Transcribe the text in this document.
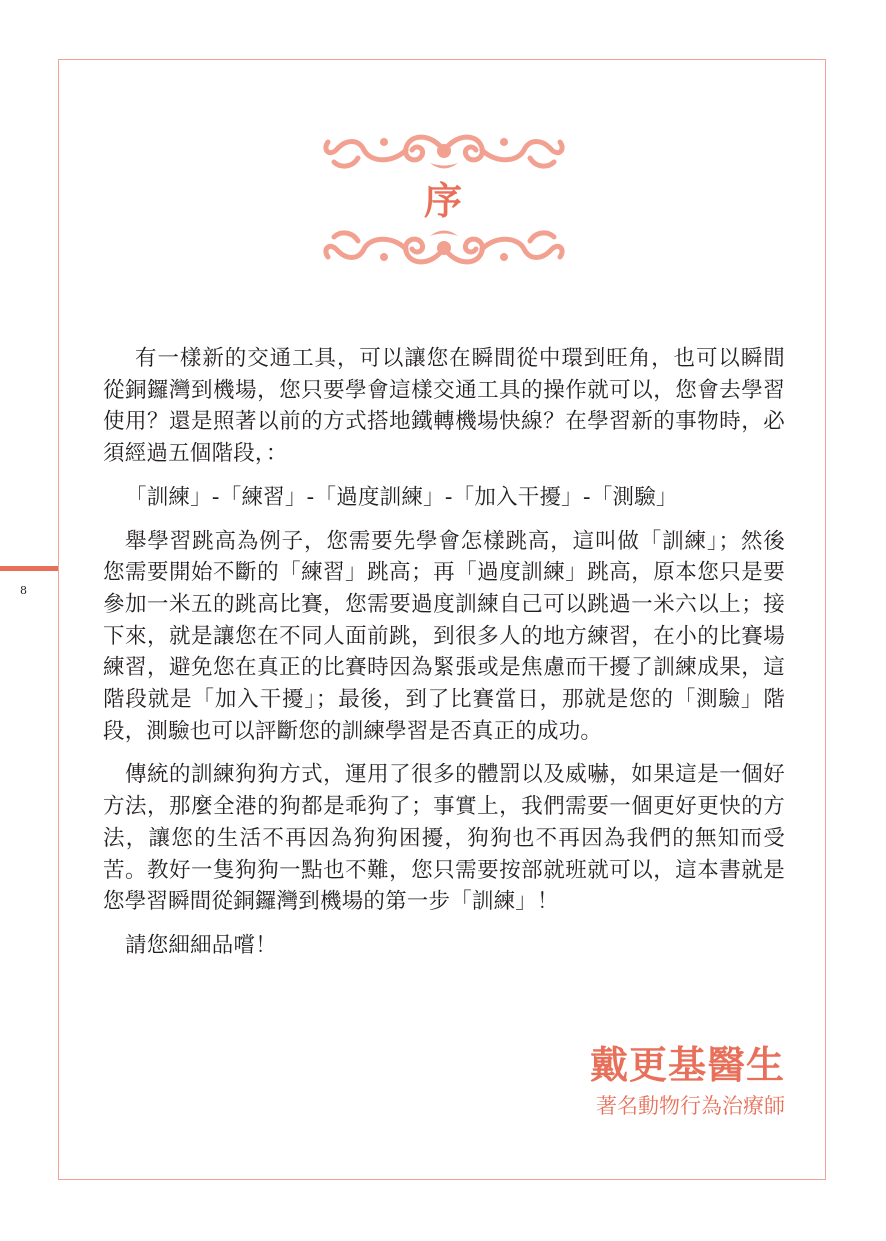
8
序

有一樣新的交通工具，可以讓您在瞬間從中環到旺角，也可以瞬間從銅鑼灣到機場，您只要學會這樣交通工具的操作就可以，您會去學習使用？還是照著以前的方式搭地鐵轉機場快線？在學習新的事物時，必須經過五個階段，：

「訓練」-「練習」-「過度訓練」-「加入干擾」-「測驗」

舉學習跳高為例子，您需要先學會怎樣跳高，這叫做「訓練」；然後您需要開始不斷的「練習」跳高；再「過度訓練」跳高，原本您只是要參加一米五的跳高比賽，您需要過度訓練自己可以跳過一米六以上；接下來，就是讓您在不同人面前跳，到很多人的地方練習，在小的比賽場練習，避免您在真正的比賽時因為緊張或是焦慮而干擾了訓練成果，這階段就是「加入干擾」；最後，到了比賽當日，那就是您的「測驗」階段，測驗也可以評斷您的訓練學習是否真正的成功。

傳統的訓練狗狗方式，運用了很多的體罰以及威嚇，如果這是一個好方法，那麼全港的狗都是乖狗了；事實上，我們需要一個更好更快的方法，讓您的生活不再因為狗狗困擾，狗狗也不再因為我們的無知而受苦。教好一隻狗狗一點也不難，您只需要按部就班就可以，這本書就是您學習瞬間從銅鑼灣到機場的第一步「訓練」！

請您細細品嚐！

戴更基醫生
著名動物行為治療師
